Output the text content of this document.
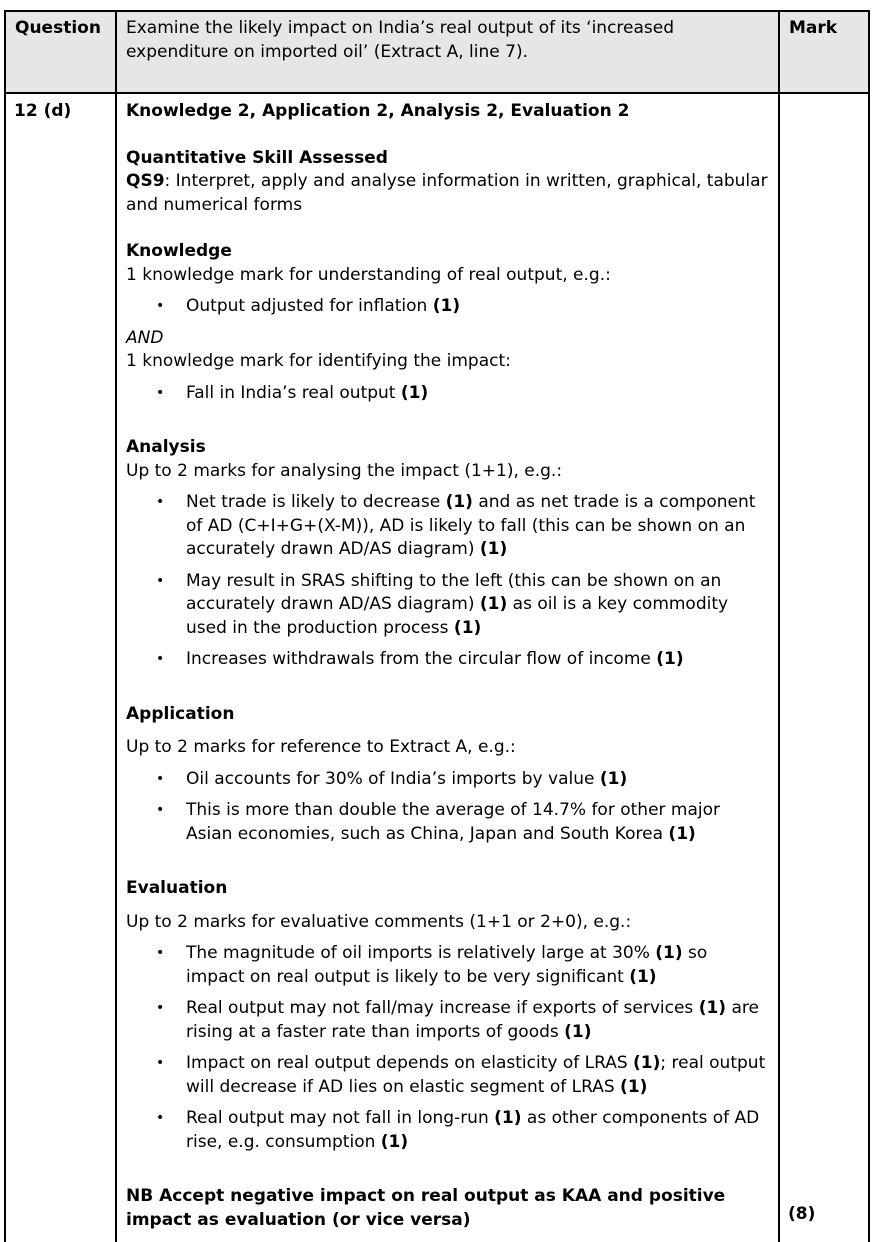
Question	Examine the likely impact on India’s real output of its ‘increased expenditure on imported oil’ (Extract A, line 7).	Mark
12 (d)	Knowledge 2, Application 2, Analysis 2, Evaluation 2
Quantitative Skill Assessed
QS9: Interpret, apply and analyse information in written, graphical, tabular and numerical forms
Knowledge
1 knowledge mark for understanding of real output, e.g.:
•	Output adjusted for inflation (1)
AND
1 knowledge mark for identifying the impact:
•	Fall in India’s real output (1)
Analysis
Up to 2 marks for analysing the impact (1+1), e.g.:
•	Net trade is likely to decrease (1) and as net trade is a component of AD (C+I+G+(X-M)), AD is likely to fall (this can be shown on an accurately drawn AD/AS diagram) (1)
•	May result in SRAS shifting to the left (this can be shown on an accurately drawn AD/AS diagram) (1) as oil is a key commodity used in the production process (1)
•	Increases withdrawals from the circular flow of income (1)
Application
Up to 2 marks for reference to Extract A, e.g.:
•	Oil accounts for 30% of India’s imports by value (1)
•	This is more than double the average of 14.7% for other major Asian economies, such as China, Japan and South Korea (1)
Evaluation
Up to 2 marks for evaluative comments (1+1 or 2+0), e.g.:
•	The magnitude of oil imports is relatively large at 30% (1) so impact on real output is likely to be very significant (1)
•	Real output may not fall/may increase if exports of services (1) are rising at a faster rate than imports of goods (1)
•	Impact on real output depends on elasticity of LRAS (1); real output will decrease if AD lies on elastic segment of LRAS (1)
•	Real output may not fall in long-run (1) as other components of AD rise, e.g. consumption (1)
NB Accept negative impact on real output as KAA and positive impact as evaluation (or vice versa)	(8)
